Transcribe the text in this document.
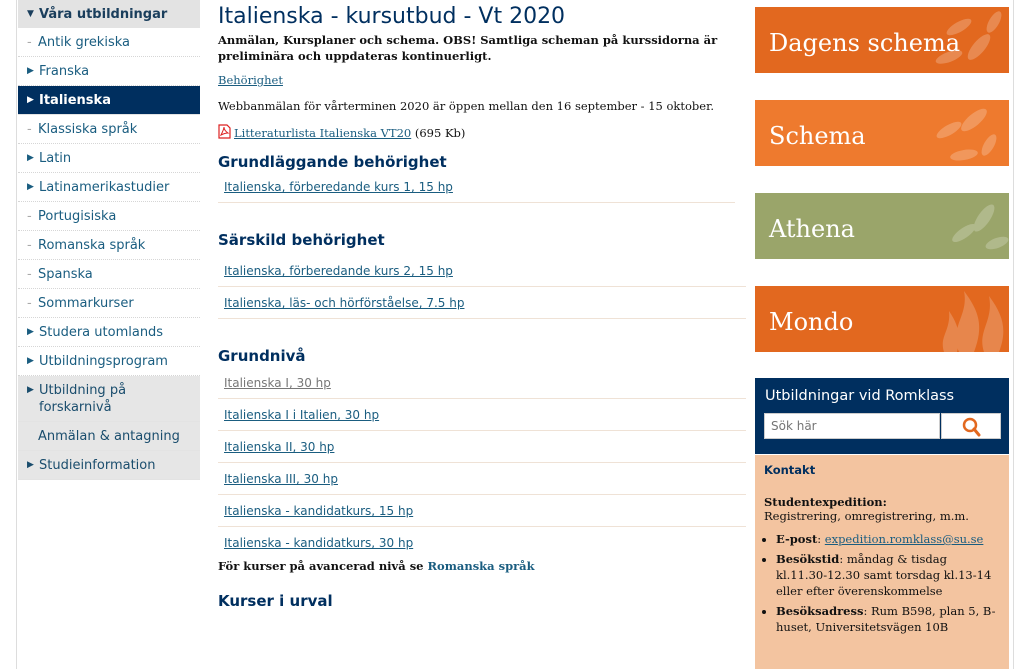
▼ Våra utbildningar
- Antik grekiska
▶ Franska
▶ Italienska
- Klassiska språk
▶ Latin
▶ Latinamerikastudier
- Portugisiska
- Romanska språk
- Spanska
- Sommarkurser
▶ Studera utomlands
▶ Utbildningsprogram
▶ Utbildning på forskarnivå
Anmälan & antagning
▶ Studieinformation
Italienska - kursutbud - Vt 2020

Anmälan, Kursplaner och schema. OBS! Samtliga scheman på kurssidorna är preliminära och uppdateras kontinuerligt.

Behörighet

Webbanmälan för vårterminen 2020 är öppen mellan den 16 september - 15 oktober.

Litteraturlista Italienska VT20 (695 Kb)

Grundläggande behörighet
Italienska, förberedande kurs 1, 15 hp
Särskild behörighet
Italienska, förberedande kurs 2, 15 hp
Italienska, läs- och hörförståelse, 7.5 hp
Grundnivå
Italienska I, 30 hp
Italienska I i Italien, 30 hp
Italienska II, 30 hp
Italienska III, 30 hp
Italienska - kandidatkurs, 15 hp
Italienska - kandidatkurs, 30 hp

För kurser på avancerad nivå se Romanska språk

Kurser i urval
Dagens schema
Schema
Athena
Mondo
Utbildningar vid Romklass
Sök här
Kontakt
Studentexpedition:
Registrering, omregistrering, m.m.
• E-post: expedition.romklass@su.se
• Besökstid: måndag & tisdag kl.11.30-12.30 samt torsdag kl.13-14 eller efter överenskommelse
• Besöksadress: Rum B598, plan 5, B-huset, Universitetsvägen 10B
